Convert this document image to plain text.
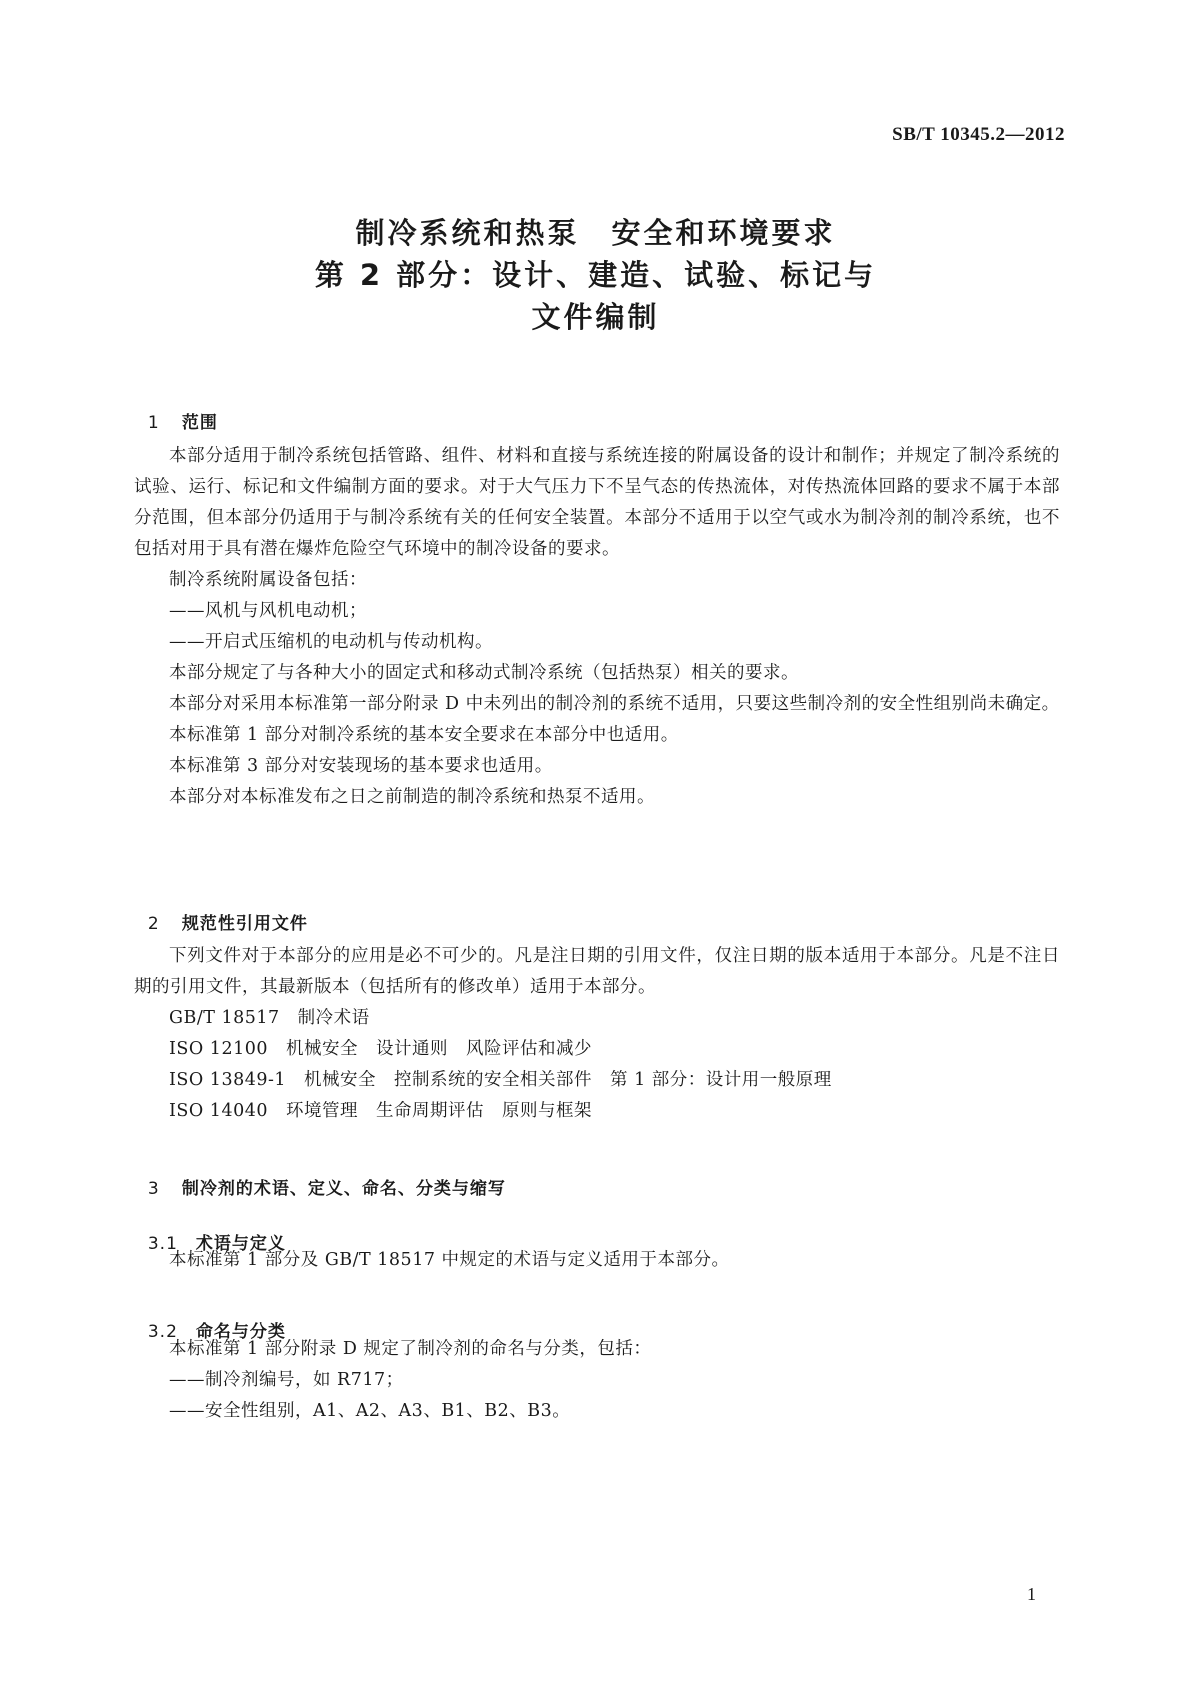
SB/T 10345.2—2012
制冷系统和热泵　安全和环境要求
第 2 部分：设计、建造、试验、标记与
文件编制

1 范围

本部分适用于制冷系统包括管路、组件、材料和直接与系统连接的附属设备的设计和制作；并规定了制冷系统的试验、运行、标记和文件编制方面的要求。对于大气压力下不呈气态的传热流体，对传热流体回路的要求不属于本部分范围，但本部分仍适用于与制冷系统有关的任何安全装置。本部分不适用于以空气或水为制冷剂的制冷系统，也不包括对用于具有潜在爆炸危险空气环境中的制冷设备的要求。

制冷系统附属设备包括：

——风机与风机电动机；

——开启式压缩机的电动机与传动机构。

本部分规定了与各种大小的固定式和移动式制冷系统（包括热泵）相关的要求。

本部分对采用本标准第一部分附录 D 中未列出的制冷剂的系统不适用，只要这些制冷剂的安全性组别尚未确定。

本标准第 1 部分对制冷系统的基本安全要求在本部分中也适用。

本标准第 3 部分对安装现场的基本要求也适用。

本部分对本标准发布之日之前制造的制冷系统和热泵不适用。

2 规范性引用文件

下列文件对于本部分的应用是必不可少的。凡是注日期的引用文件，仅注日期的版本适用于本部分。凡是不注日期的引用文件，其最新版本（包括所有的修改单）适用于本部分。

GB/T 18517　制冷术语

ISO 12100　机械安全　设计通则　风险评估和减少

ISO 13849-1　机械安全　控制系统的安全相关部件　第 1 部分：设计用一般原理

ISO 14040　环境管理　生命周期评估　原则与框架

3 制冷剂的术语、定义、命名、分类与缩写

3.1 术语与定义

本标准第 1 部分及 GB/T 18517 中规定的术语与定义适用于本部分。

3.2 命名与分类

本标准第 1 部分附录 D 规定了制冷剂的命名与分类，包括：

——制冷剂编号，如 R717；

——安全性组别，A1、A2、A3、B1、B2、B3。

1
